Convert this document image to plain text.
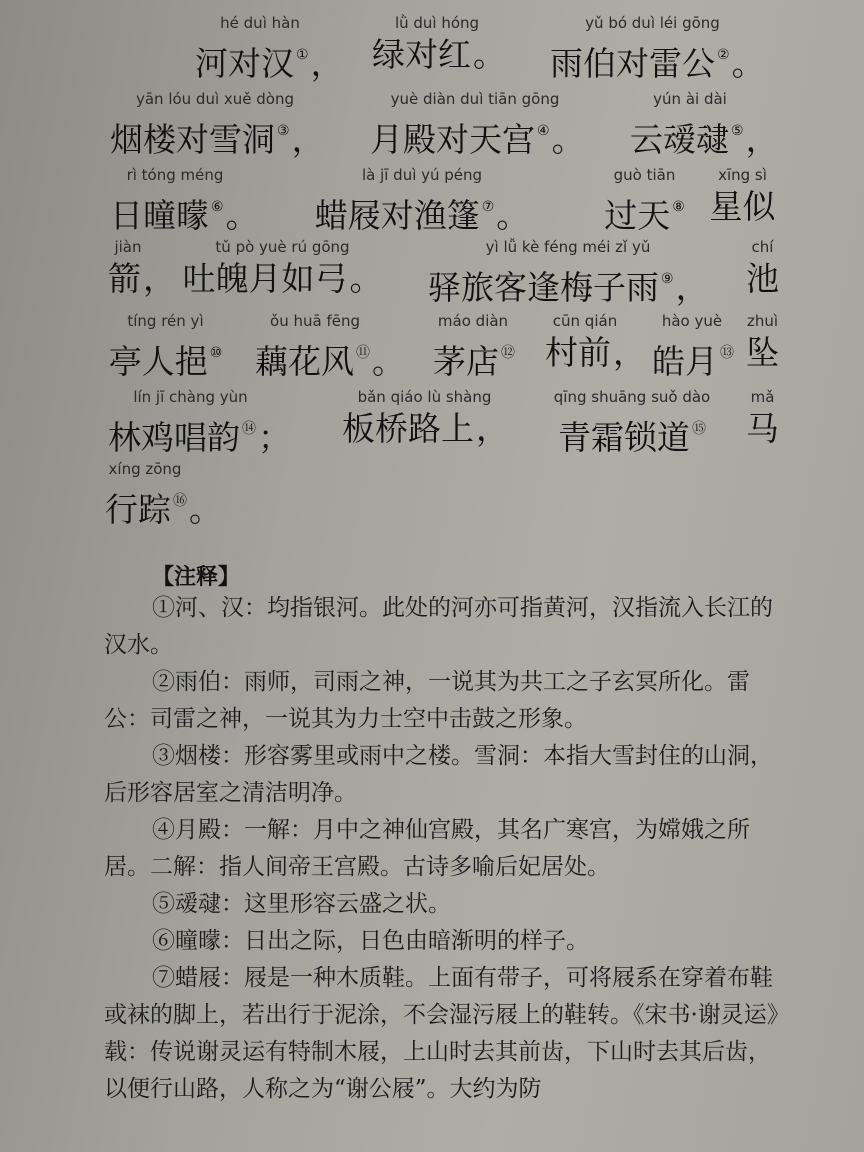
hé duì hàn
河对汉 ①，
lǜ duì hóng
绿对红。
yǔ bó duì léi gōng
雨伯对雷公 ②。
yān lóu duì xuě dòng
烟楼对雪洞 ③，
yuè diàn duì tiān gōng
月殿对天宫 ④。
yún ài dài
云叆叇 ⑤，
rì tóng méng
日曈曚 ⑥。
là jī duì yú péng
蜡屐对渔篷 ⑦。
guò tiān
过天 ⑧
xīng sì
星似
jiàn
箭，
tǔ pò yuè rú gōng
吐魄月如弓。
yì lǚ kè féng méi zǐ yǔ
驿旅客逢梅子雨 ⑨，
chí
池
tíng rén yì
亭人挹 ⑩
ǒu huā fēng
藕花风 ⑪。
máo diàn
茅店 ⑫
cūn qián
村前，
hào yuè
皓月 ⑬
zhuì
坠
lín jī chàng yùn
林鸡唱韵 ⑭；
bǎn qiáo lù shàng
板桥路上，
qīng shuāng suǒ dào
青霜锁道 ⑮
mǎ
马
xíng zōng
行踪 ⑯。
【注释】

①河、汉：均指银河。此处的河亦可指黄河，汉指流入长江的汉水。

②雨伯：雨师，司雨之神，一说其为共工之子玄冥所化。雷公：司雷之神，一说其为力士空中击鼓之形象。

③烟楼：形容雾里或雨中之楼。雪洞：本指大雪封住的山洞，后形容居室之清洁明净。

④月殿：一解：月中之神仙宫殿，其名广寒宫，为嫦娥之所居。二解：指人间帝王宫殿。古诗多喻后妃居处。

⑤叆叇：这里形容云盛之状。

⑥曈曚：日出之际，日色由暗渐明的样子。

⑦蜡屐：屐是一种木质鞋。上面有带子，可将屐系在穿着布鞋或袜的脚上，若出行于泥涂，不会湿污屐上的鞋转。《宋书·谢灵运》载：传说谢灵运有特制木屐，上山时去其前齿，下山时去其后齿，以便行山路，人称之为“谢公屐”。大约为防
